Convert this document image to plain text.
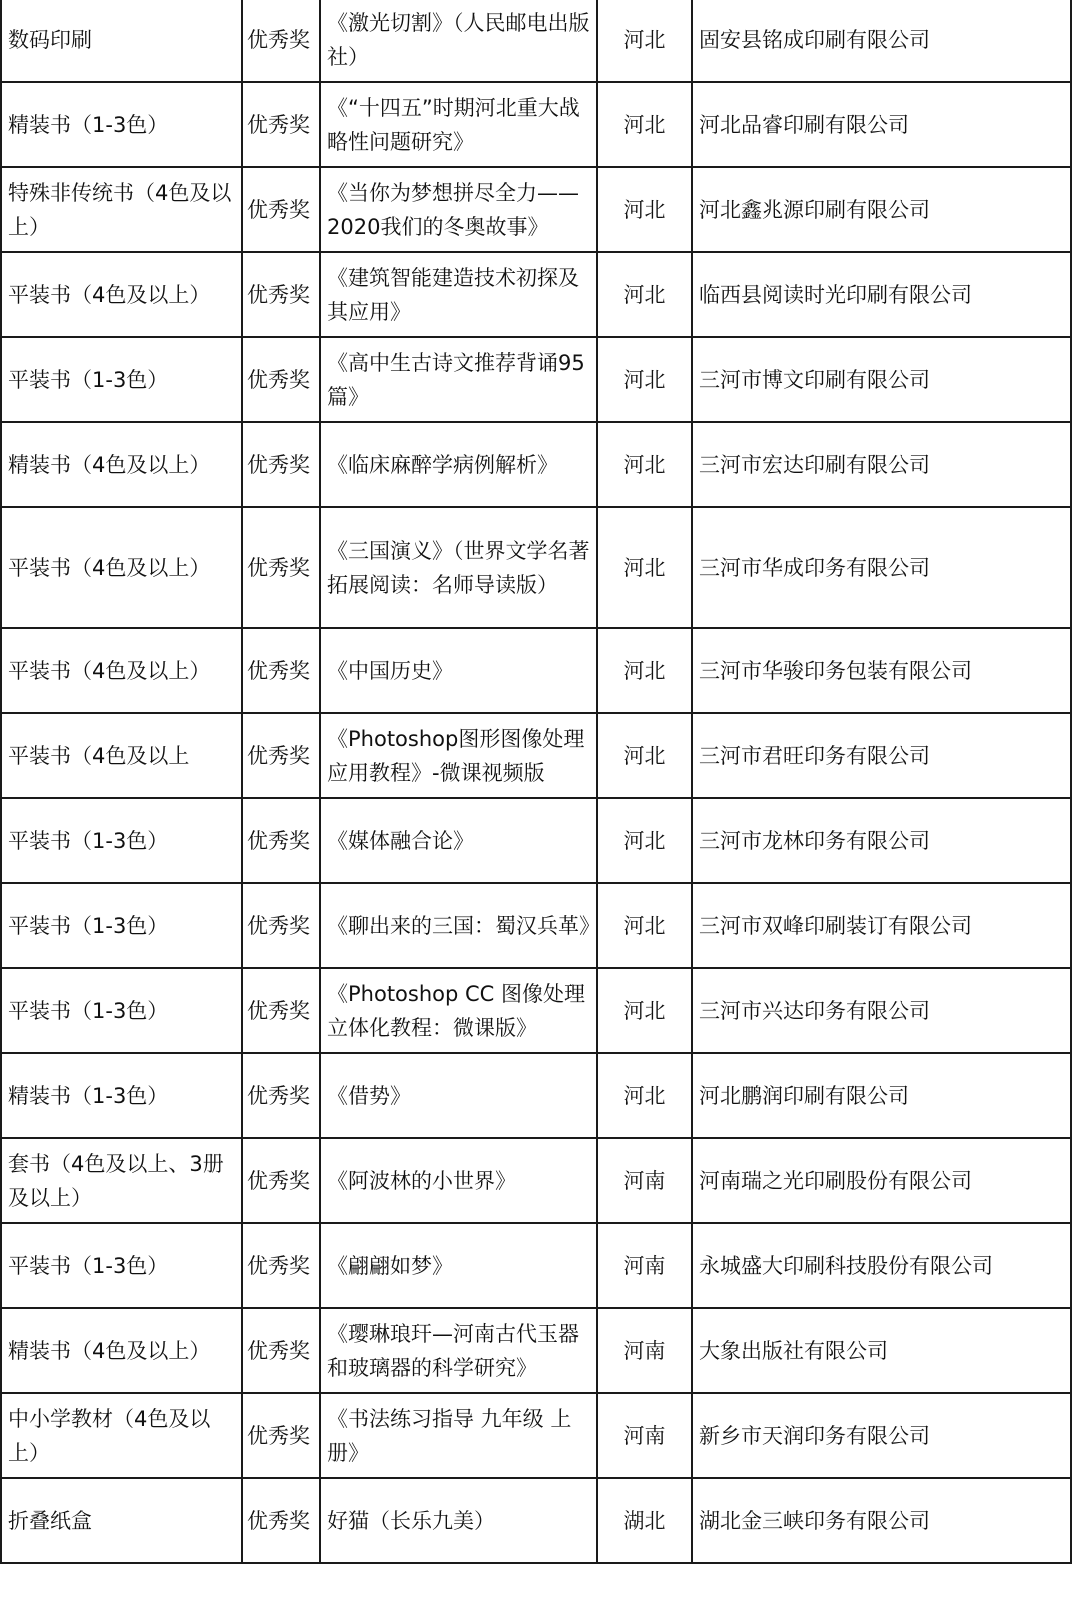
数码印刷	优秀奖	《激光切割》（人民邮电出版社）	河北	固安县铭成印刷有限公司
精装书（1-3色）	优秀奖	《“十四五”时期河北重大战略性问题研究》	河北	河北品睿印刷有限公司
特殊非传统书（4色及以上）	优秀奖	《当你为梦想拼尽全力——2020我们的冬奥故事》	河北	河北鑫兆源印刷有限公司
平装书（4色及以上）	优秀奖	《建筑智能建造技术初探及其应用》	河北	临西县阅读时光印刷有限公司
平装书（1-3色）	优秀奖	《高中生古诗文推荐背诵95篇》	河北	三河市博文印刷有限公司
精装书（4色及以上）	优秀奖	《临床麻醉学病例解析》	河北	三河市宏达印刷有限公司
平装书（4色及以上）	优秀奖	《三国演义》（世界文学名著拓展阅读：名师导读版）	河北	三河市华成印务有限公司
平装书（4色及以上）	优秀奖	《中国历史》	河北	三河市华骏印务包装有限公司
平装书（4色及以上	优秀奖	《Photoshop图形图像处理应用教程》-微课视频版	河北	三河市君旺印务有限公司
平装书（1-3色）	优秀奖	《媒体融合论》	河北	三河市龙林印务有限公司
平装书（1-3色）	优秀奖	《聊出来的三国：蜀汉兵革》	河北	三河市双峰印刷装订有限公司
平装书（1-3色）	优秀奖	《Photoshop CC 图像处理立体化教程：微课版》	河北	三河市兴达印务有限公司
精装书（1-3色）	优秀奖	《借势》	河北	河北鹏润印刷有限公司
套书（4色及以上、3册及以上）	优秀奖	《阿波林的小世界》	河南	河南瑞之光印刷股份有限公司
平装书（1-3色）	优秀奖	《翩翩如梦》	河南	永城盛大印刷科技股份有限公司
精装书（4色及以上）	优秀奖	《璎琳琅玕—河南古代玉器和玻璃器的科学研究》	河南	大象出版社有限公司
中小学教材（4色及以上）	优秀奖	《书法练习指导 九年级 上册》	河南	新乡市天润印务有限公司
折叠纸盒	优秀奖	好猫（长乐九美）	湖北	湖北金三峡印务有限公司
